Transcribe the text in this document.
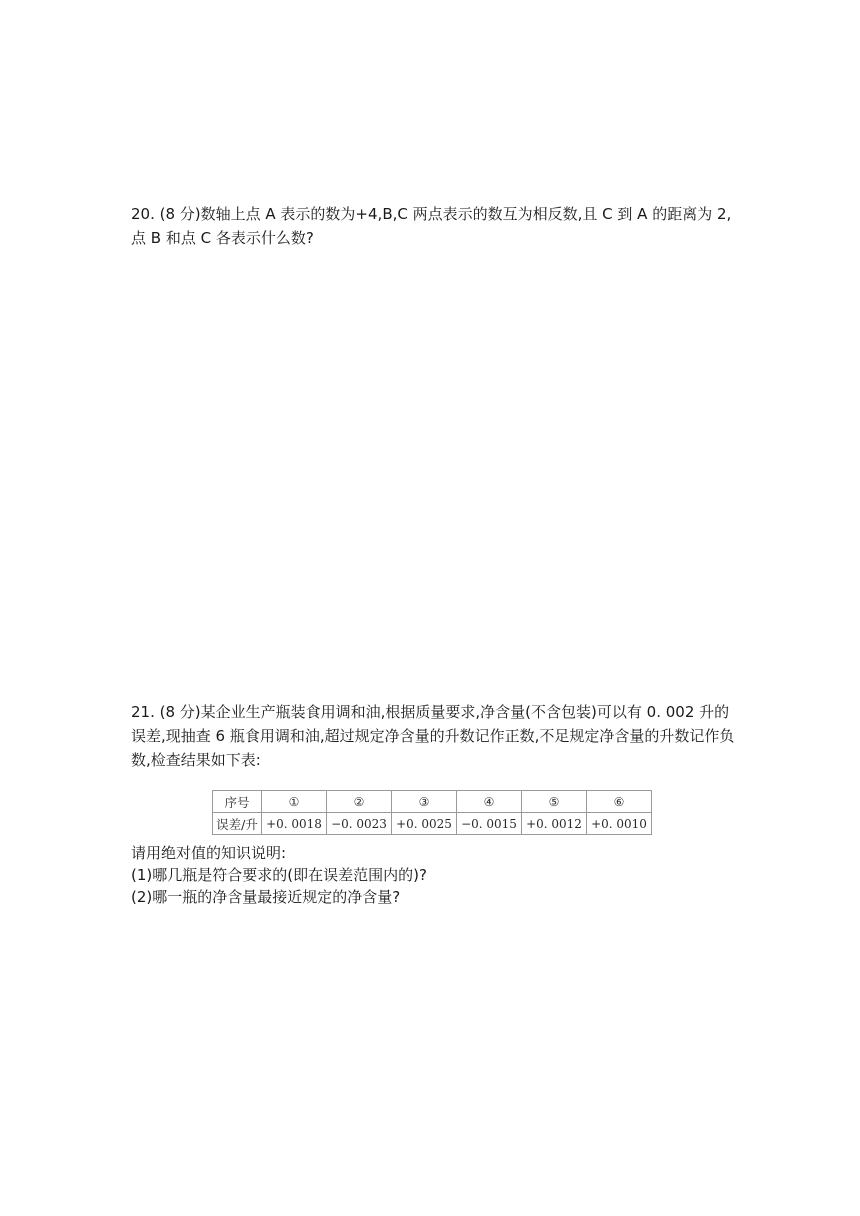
20. (8 分)数轴上点 A 表示的数为+4,B,C 两点表示的数互为相反数,且 C 到 A 的距离为 2,点 B 和点 C 各表示什么数?
21. (8 分)某企业生产瓶装食用调和油,根据质量要求,净含量(不含包装)可以有 0. 002 升的误差,现抽查 6 瓶食用调和油,超过规定净含量的升数记作正数,不足规定净含量的升数记作负数,检查结果如下表:
序号	①	②	③	④	⑤	⑥
误差/升	+0. 0018	−0. 0023	+0. 0025	−0. 0015	+0. 0012	+0. 0010
请用绝对值的知识说明:
(1)哪几瓶是符合要求的(即在误差范围内的)?
(2)哪一瓶的净含量最接近规定的净含量?
